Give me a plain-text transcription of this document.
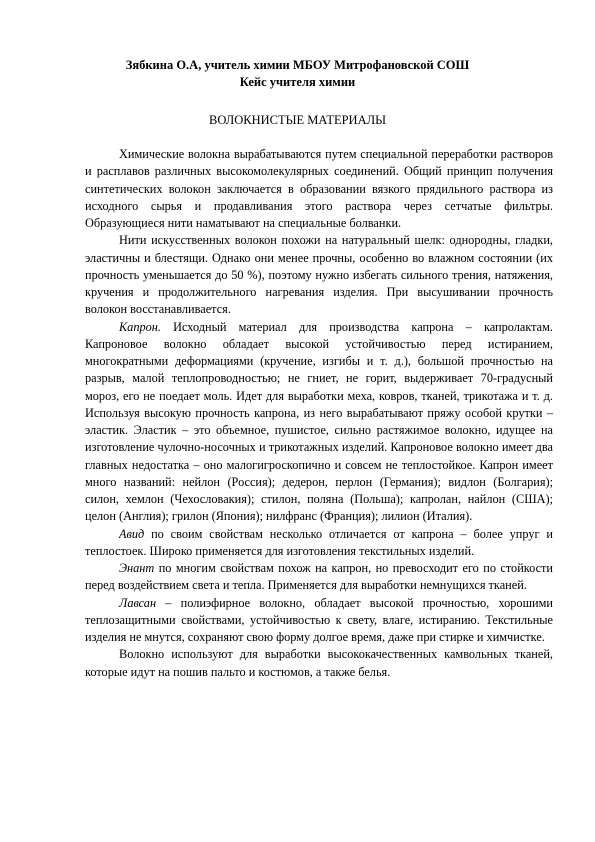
Зябкина О.А, учитель химии МБОУ Митрофановской СОШ
Кейс учителя химии
ВОЛОКНИСТЫЕ МАТЕРИАЛЫ

Химические волокна вырабатываются путем специальной переработки растворов и расплавов различных высокомолекулярных соединений. Общий принцип получения синтетических волокон заключается в образовании вязкого прядильного раствора из исходного сырья и продавливания этого раствора через сетчатые фильтры. Образующиеся нити наматывают на специальные болванки.

Нити искусственных волокон похожи на натуральный шелк: однородны, гладки, эластичны и блестящи. Однако они менее прочны, особенно во влажном состоянии (их прочность уменьшается до 50 %), поэтому нужно избегать сильного трения, натяжения, кручения и продолжительного нагревания изделия. При высушивании прочность волокон восстанавливается.

Капрон. Исходный материал для производства капрона – капролактам. Капроновое волокно обладает высокой устойчивостью перед истиранием, многократными деформациями (кручение, изгибы и т. д.), большой прочностью на разрыв, малой теплопроводностью; не гниет, не горит, выдерживает 70-градусный мороз, его не поедает моль. Идет для выработки меха, ковров, тканей, трикотажа и т. д. Используя высокую прочность капрона, из него вырабатывают пряжу особой крутки – эластик. Эластик – это объемное, пушистое, сильно растяжимое волокно, идущее на изготовление чулочно-носочных и трикотажных изделий. Капроновое волокно имеет два главных недостатка – оно малогигроскопично и совсем не теплостойкое. Капрон имеет много названий: нейлон (Россия); дедерон, перлон (Германия); видлон (Болгария); силон, хемлон (Чехословакия); стилон, поляна (Польша); капролан, найлон (США); целон (Англия); грилон (Япония); нилфранс (Франция); лилион (Италия).

Авид по своим свойствам несколько отличается от капрона – более упруг и теплостоек. Широко применяется для изготовления текстильных изделий.

Энант по многим свойствам похож на капрон, но превосходит его по стойкости перед воздействием света и тепла. Применяется для выработки немнущихся тканей.

Лавсан – полиэфирное волокно, обладает высокой прочностью, хорошими теплозащитными свойствами, устойчивостью к свету, влаге, истиранию. Текстильные изделия не мнутся, сохраняют свою форму долгое время, даже при стирке и химчистке.

Волокно используют для выработки высококачественных камвольных тканей, которые идут на пошив пальто и костюмов, а также белья.
